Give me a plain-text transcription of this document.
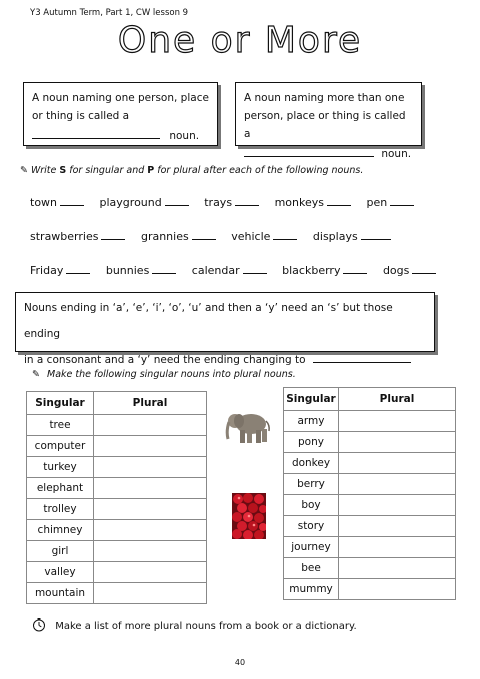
Y3 Autumn Term, Part 1, CW lesson 9
One or More
A noun naming one person, place
or thing is called a
noun.
A noun naming more than one
person, place or thing is called a
noun.
✎ Write S for singular and P for plural after each of the following nouns.
town	playground	trays	monkeys	pen
strawberries	grannies	vehicle	displays
Friday	bunnies	calendar	blackberry	dogs
Nouns ending in ‘a’, ‘e’, ‘i’, ‘o’, ‘u’ and then a ‘y’ need an ‘s’ but those ending
in a consonant and a ‘y’ need the ending changing to
✎ Make the following singular nouns into plural nouns.
Singular	Plural
tree	
computer	
turkey	
elephant	
trolley	
chimney	
girl	
valley	
mountain	
Singular	Plural
army	
pony	
donkey	
berry	
boy	
story	
journey	
bee	
mummy	
Make a list of more plural nouns from a book or a dictionary.
40
